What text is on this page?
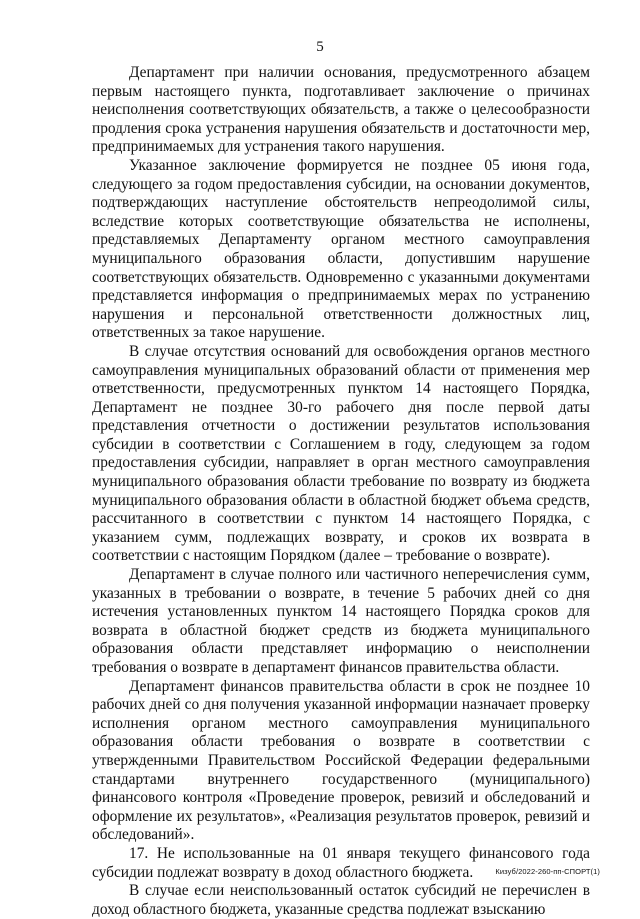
5

Департамент при наличии основания, предусмотренного абзацем первым настоящего пункта, подготавливает заключение о причинах неисполнения соответствующих обязательств, а также о целесообразности продления срока устранения нарушения обязательств и достаточности мер, предпринимаемых для устранения такого нарушения.

Указанное заключение формируется не позднее 05 июня года, следующего за годом предоставления субсидии, на основании документов, подтверждающих наступление обстоятельств непреодолимой силы, вследствие которых соответствующие обязательства не исполнены, представляемых Департаменту органом местного самоуправления муниципального образования области, допустившим нарушение соответствующих обязательств. Одновременно с указанными документами представляется информация о предпринимаемых мерах по устранению нарушения и персональной ответственности должностных лиц, ответственных за такое нарушение.

В случае отсутствия оснований для освобождения органов местного самоуправления муниципальных образований области от применения мер ответственности, предусмотренных пунктом 14 настоящего Порядка, Департамент не позднее 30-го рабочего дня после первой даты представления отчетности о достижении результатов использования субсидии в соответствии с Соглашением в году, следующем за годом предоставления субсидии, направляет в орган местного самоуправления муниципального образования области требование по возврату из бюджета муниципального образования области в областной бюджет объема средств, рассчитанного в соответствии с пунктом 14 настоящего Порядка, с указанием сумм, подлежащих возврату, и сроков их возврата в соответствии с настоящим Порядком (далее – требование о возврате).

Департамент в случае полного или частичного неперечисления сумм, указанных в требовании о возврате, в течение 5 рабочих дней со дня истечения установленных пунктом 14 настоящего Порядка сроков для возврата в областной бюджет средств из бюджета муниципального образования области представляет информацию о неисполнении требования о возврате в департамент финансов правительства области.

Департамент финансов правительства области в срок не позднее 10 рабочих дней со дня получения указанной информации назначает проверку исполнения органом местного самоуправления муниципального образования области требования о возврате в соответствии с утвержденными Правительством Российской Федерации федеральными стандартами внутреннего государственного (муниципального) финансового контроля «Проведение проверок, ревизий и обследований и оформление их результатов», «Реализация результатов проверок, ревизий и обследований».

17. Не использованные на 01 января текущего финансового года субсидии подлежат возврату в доход областного бюджета.

В случае если неиспользованный остаток субсидий не перечислен в доход областного бюджета, указанные средства подлежат взысканию

Кизуб/2022-260-пп-СПОРТ(1)
